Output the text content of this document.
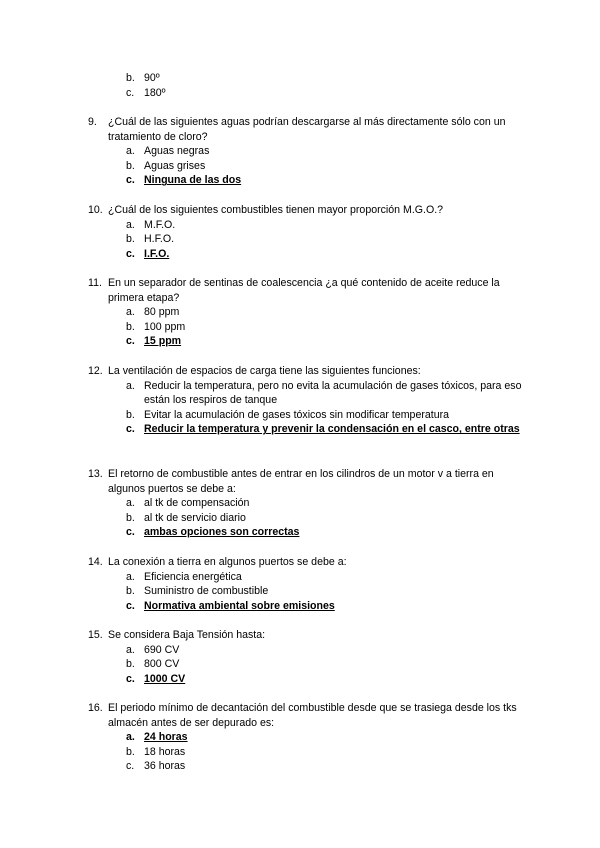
b. 90º
c. 180º
9. ¿Cuál de las siguientes aguas podrían descargarse al más directamente sólo con un tratamiento de cloro?
a. Aguas negras
b. Aguas grises
c. Ninguna de las dos
10. ¿Cuál de los siguientes combustibles tienen mayor proporción M.G.O.?
a. M.F.O.
b. H.F.O.
c. I.F.O.
11. En un separador de sentinas de coalescencia ¿a qué contenido de aceite reduce la primera etapa?
a. 80 ppm
b. 100 ppm
c. 15 ppm
12. La ventilación de espacios de carga tiene las siguientes funciones:
a. Reducir la temperatura, pero no evita la acumulación de gases tóxicos, para eso están los respiros de tanque
b. Evitar la acumulación de gases tóxicos sin modificar temperatura
c. Reducir la temperatura y prevenir la condensación en el casco, entre otras
13. El retorno de combustible antes de entrar en los cilindros de un motor v a tierra en algunos puertos se debe a:
a. al tk de compensación
b. al tk de servicio diario
c. ambas opciones son correctas
14. La conexión a tierra en algunos puertos se debe a:
a. Eficiencia energética
b. Suministro de combustible
c. Normativa ambiental sobre emisiones
15. Se considera Baja Tensión hasta:
a. 690 CV
b. 800 CV
c. 1000 CV
16. El periodo mínimo de decantación del combustible desde que se trasiega desde los tks almacén antes de ser depurado es:
a. 24 horas
b. 18 horas
c. 36 horas
